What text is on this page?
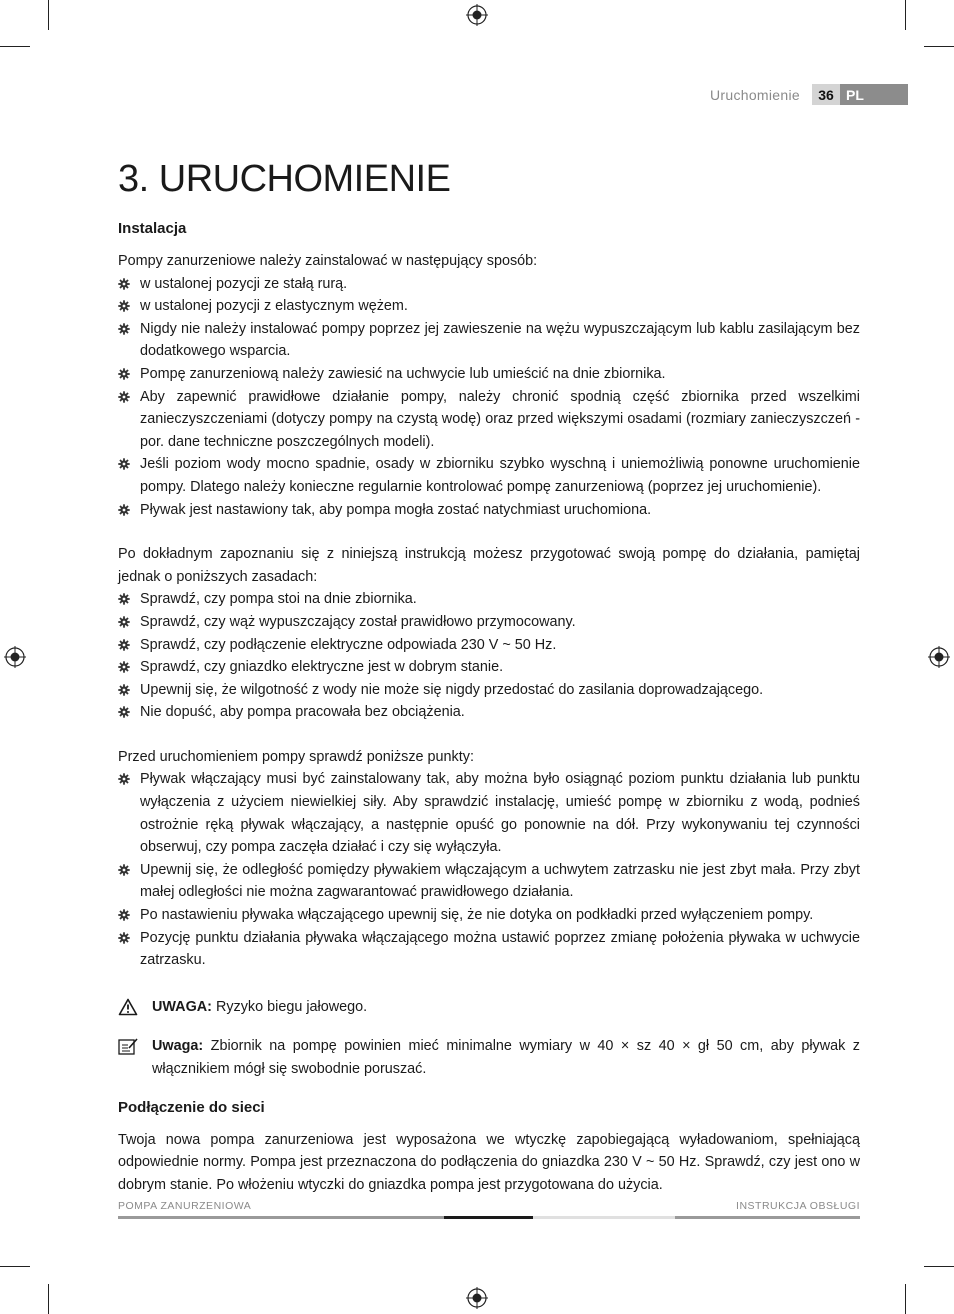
Uruchomienie	36 PL
3. URUCHOMIENIE
Instalacja

Pompy zanurzeniowe należy zainstalować w następujący sposób:

w ustalonej pozycji ze stałą rurą.
w ustalonej pozycji z elastycznym wężem.
Nigdy nie należy instalować pompy poprzez jej zawieszenie na wężu wypuszczającym lub kablu zasilającym bez dodatkowego wsparcia.
Pompę zanurzeniową należy zawiesić na uchwycie lub umieścić na dnie zbiornika.
Aby zapewnić prawidłowe działanie pompy, należy chronić spodnią część zbiornika przed wszelkimi zanieczyszczeniami (dotyczy pompy na czystą wodę) oraz przed większymi osadami (rozmiary zanieczyszczeń - por. dane techniczne poszczególnych modeli).
Jeśli poziom wody mocno spadnie, osady w zbiorniku szybko wyschną i uniemożliwią ponowne uruchomienie pompy. Dlatego należy konieczne regularnie kontrolować pompę zanurzeniową (poprzez jej uruchomienie).
Pływak jest nastawiony tak, aby pompa mogła zostać natychmiast uruchomiona.

Po dokładnym zapoznaniu się z niniejszą instrukcją możesz przygotować swoją pompę do działania, pamiętaj jednak o poniższych zasadach:

Sprawdź, czy pompa stoi na dnie zbiornika.
Sprawdź, czy wąż wypuszczający został prawidłowo przymocowany.
Sprawdź, czy podłączenie elektryczne odpowiada 230 V ~ 50 Hz.
Sprawdź, czy gniazdko elektryczne jest w dobrym stanie.
Upewnij się, że wilgotność z wody nie może się nigdy przedostać do zasilania doprowadzającego.
Nie dopuść, aby pompa pracowała bez obciążenia.

Przed uruchomieniem pompy sprawdź poniższe punkty:

Pływak włączający musi być zainstalowany tak, aby można było osiągnąć poziom punktu działania lub punktu wyłączenia z użyciem niewielkiej siły. Aby sprawdzić instalację, umieść pompę w zbiorniku z wodą, podnieś ostrożnie ręką pływak włączający, a następnie opuść go ponownie na dół. Przy wykonywaniu tej czynności obserwuj, czy pompa zaczęła działać i czy się wyłączyła.
Upewnij się, że odległość pomiędzy pływakiem włączającym a uchwytem zatrzasku nie jest zbyt mała. Przy zbyt małej odległości nie można zagwarantować prawidłowego działania.
Po nastawieniu pływaka włączającego upewnij się, że nie dotyka on podkładki przed wyłączeniem pompy.
Pozycję punktu działania pływaka włączającego można ustawić poprzez zmianę położenia pływaka w uchwycie zatrzasku.
UWAGA: Ryzyko biegu jałowego.
Uwaga: Zbiornik na pompę powinien mieć minimalne wymiary w 40 × sz 40 × gł 50 cm, aby pływak z włącznikiem mógł się swobodnie poruszać.
Podłączenie do sieci

Twoja nowa pompa zanurzeniowa jest wyposażona we wtyczkę zapobiegającą wyładowaniom, spełniającą odpowiednie normy. Pompa jest przeznaczona do podłączenia do gniazdka 230 V ~ 50 Hz. Sprawdź, czy jest ono w dobrym stanie. Po włożeniu wtyczki do gniazdka pompa jest przygotowana do użycia.

POMPA ZANURZENIOWA	INSTRUKCJA OBSŁUGI
